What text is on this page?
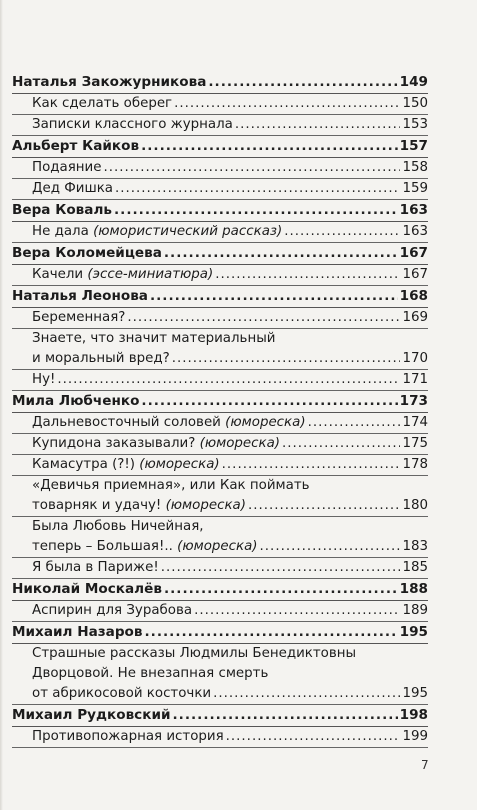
Наталья Закожурникова .....	149
Как сделать оберег .....	150
Записки классного журнала .....	153
Альберт Кайков .....	157
Подаяние .....	158
Дед Фишка .....	159
Вера Коваль .....	163
Не дала (юмористический рассказ) .....	163
Вера Коломейцева .....	167
Качели (эссе-миниатюра) .....	167
Наталья Леонова .....	168
Беременная? .....	169
Знаете, что значит материальный
и моральный вред? .....	170
Ну! .....	171
Мила Любченко .....	173
Дальневосточный соловей (юмореска) .....	174
Купидона заказывали? (юмореска) .....	175
Камасутра (?!) (юмореска) .....	178
«Девичья приемная», или Как поймать
товарняк и удачу! (юмореска) .....	180
Была Любовь Ничейная,
теперь – Большая!.. (юмореска) .....	183
Я была в Париже! .....	185
Николай Москалёв .....	188
Аспирин для Зурабова .....	189
Михаил Назаров .....	195
Страшные рассказы Людмилы Бенедиктовны
Дворцовой. Не внезапная смерть
от абрикосовой косточки .....	195
Михаил Рудковский .....	198
Противопожарная история .....	199
7
